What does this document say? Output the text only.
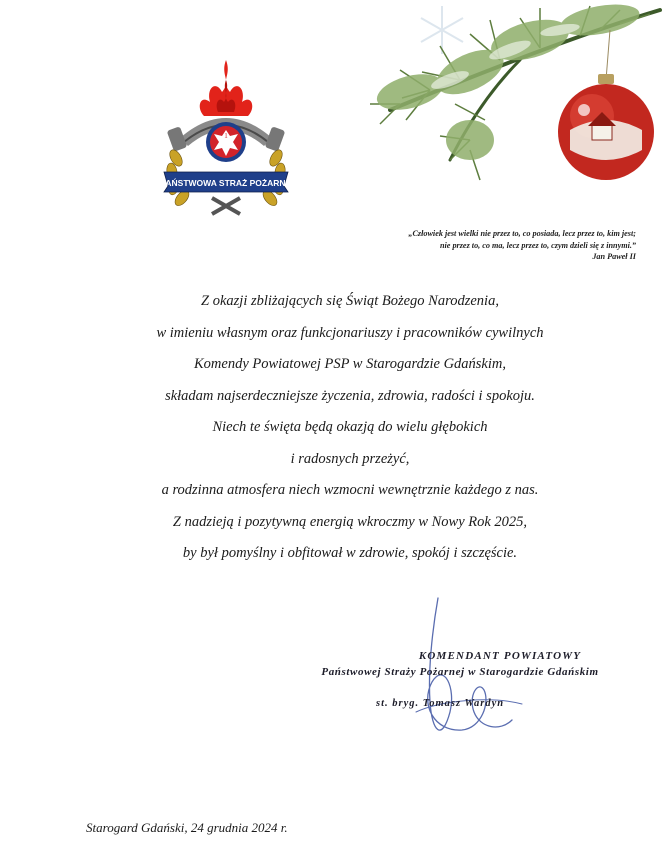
1
PAŃSTWOWA STRAŻ POŻARNA
„Człowiek jest wielki nie przez to, co posiada, lecz przez to, kim jest;
nie przez to, co ma, lecz przez to, czym dzieli się z innymi.”
Jan Paweł II
Z okazji zbliżających się Świąt Bożego Narodzenia,
w imieniu własnym oraz funkcjonariuszy i pracowników cywilnych
Komendy Powiatowej PSP w Starogardzie Gdańskim,
składam najserdeczniejsze życzenia, zdrowia, radości i spokoju.
Niech te święta będą okazją do wielu głębokich
i radosnych przeżyć,
a rodzinna atmosfera niech wzmocni wewnętrznie każdego z nas.
Z nadzieją i pozytywną energią wkroczmy w Nowy Rok 2025,
by był pomyślny i obfitował w zdrowie, spokój i szczęście.
KOMENDANT POWIATOWY
Państwowej Straży Pożarnej w Starogardzie Gdańskim
st. bryg. Tomasz Wardyn
Starogard Gdański, 24 grudnia 2024 r.
